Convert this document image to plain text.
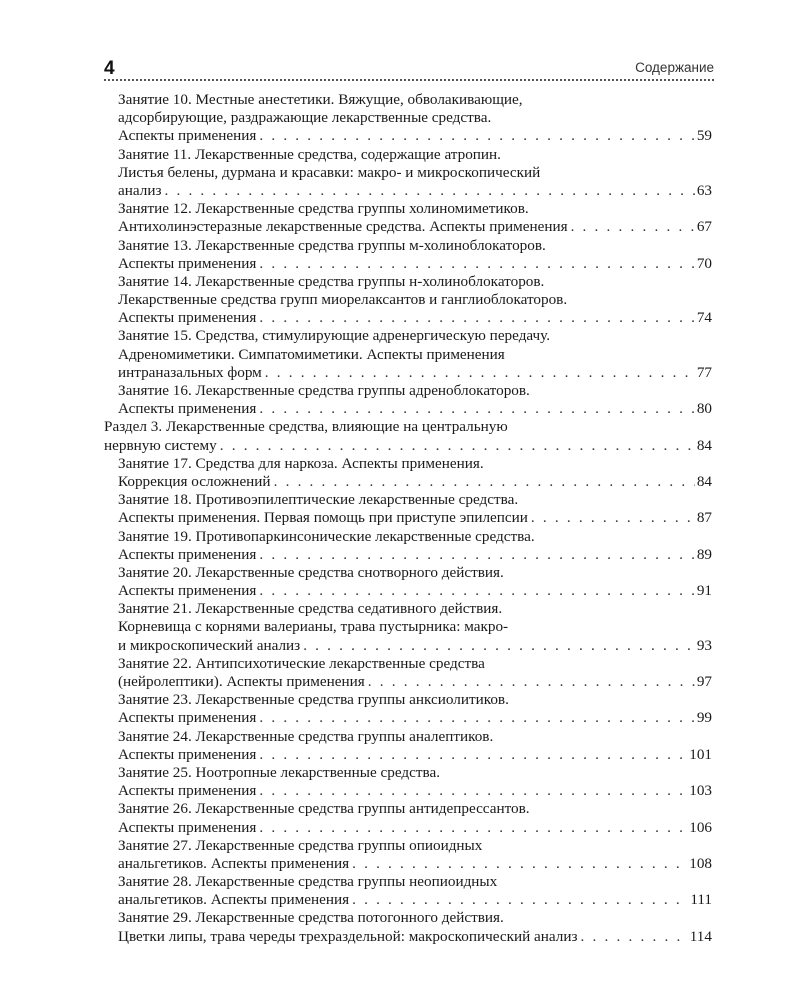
4	Содержание
Занятие 10. Местные анестетики. Вяжущие, обволакивающие,
адсорбирующие, раздражающие лекарственные средства.
Аспекты применения . . .	59
Занятие 11. Лекарственные средства, содержащие атропин.
Листья белены, дурмана и красавки: макро- и микроскопический
анализ . . .	63
Занятие 12. Лекарственные средства группы холиномиметиков.
Антихолинэстеразные лекарственные средства. Аспекты применения . . .	67
Занятие 13. Лекарственные средства группы м-холиноблокаторов.
Аспекты применения . . .	70
Занятие 14. Лекарственные средства группы н-холиноблокаторов.
Лекарственные средства групп миорелаксантов и ганглиоблокаторов.
Аспекты применения . . .	74
Занятие 15. Средства, стимулирующие адренергическую передачу.
Адреномиметики. Симпатомиметики. Аспекты применения
интраназальных форм . . .	77
Занятие 16. Лекарственные средства группы адреноблокаторов.
Аспекты применения . . .	80
Раздел 3. Лекарственные средства, влияющие на центральную
нервную систему . . .	84
Занятие 17. Средства для наркоза. Аспекты применения.
Коррекция осложнений . . .	84
Занятие 18. Противоэпилептические лекарственные средства.
Аспекты применения. Первая помощь при приступе эпилепсии . . .	87
Занятие 19. Противопаркинсонические лекарственные средства.
Аспекты применения . . .	89
Занятие 20. Лекарственные средства снотворного действия.
Аспекты применения . . .	91
Занятие 21. Лекарственные средства седативного действия.
Корневища с корнями валерианы, трава пустырника: макро-
и микроскопический анализ . . .	93
Занятие 22. Антипсихотические лекарственные средства
(нейролептики). Аспекты применения . . .	97
Занятие 23. Лекарственные средства группы анксиолитиков.
Аспекты применения . . .	99
Занятие 24. Лекарственные средства группы аналептиков.
Аспекты применения . . .	101
Занятие 25. Ноотропные лекарственные средства.
Аспекты применения . . .	103
Занятие 26. Лекарственные средства группы антидепрессантов.
Аспекты применения . . .	106
Занятие 27. Лекарственные средства группы опиоидных
анальгетиков. Аспекты применения . . .	108
Занятие 28. Лекарственные средства группы неопиоидных
анальгетиков. Аспекты применения . . .	111
Занятие 29. Лекарственные средства потогонного действия.
Цветки липы, трава череды трехраздельной: макроскопический анализ . . .	114
